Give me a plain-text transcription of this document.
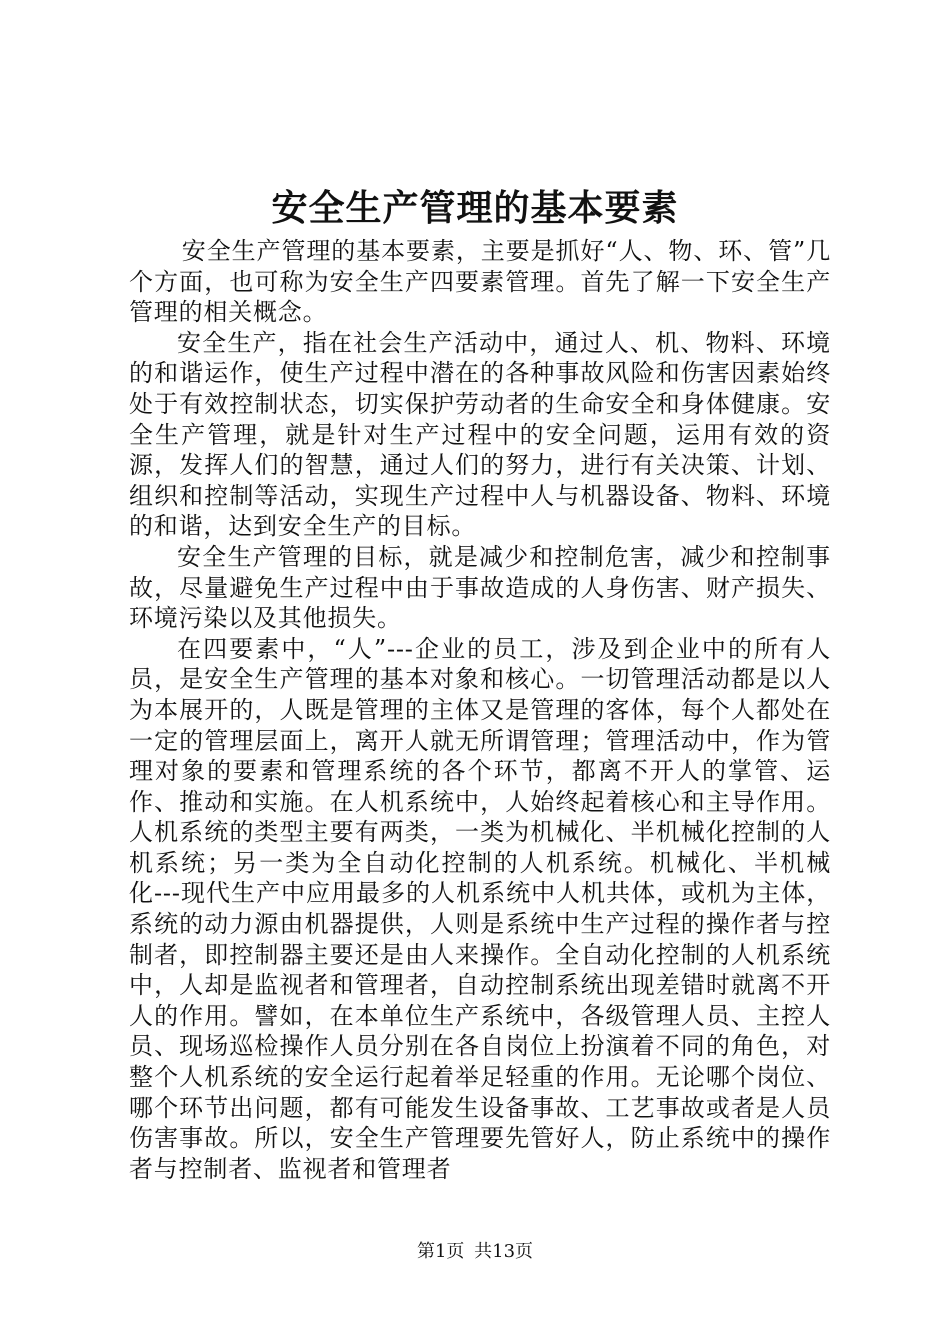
安全生产管理的基本要素

安全生产管理的基本要素，主要是抓好“人、物、环、管”几个方面，也可称为安全生产四要素管理。首先了解一下安全生产管理的相关概念。

安全生产，指在社会生产活动中，通过人、机、物料、环境的和谐运作，使生产过程中潜在的各种事故风险和伤害因素始终处于有效控制状态，切实保护劳动者的生命安全和身体健康。安全生产管理，就是针对生产过程中的安全问题，运用有效的资源，发挥人们的智慧，通过人们的努力，进行有关决策、计划、组织和控制等活动，实现生产过程中人与机器设备、物料、环境的和谐，达到安全生产的目标。

安全生产管理的目标，就是减少和控制危害，减少和控制事故，尽量避免生产过程中由于事故造成的人身伤害、财产损失、环境污染以及其他损失。

在四要素中，“人”---企业的员工，涉及到企业中的所有人员，是安全生产管理的基本对象和核心。一切管理活动都是以人为本展开的，人既是管理的主体又是管理的客体，每个人都处在一定的管理层面上，离开人就无所谓管理；管理活动中，作为管理对象的要素和管理系统的各个环节，都离不开人的掌管、运作、推动和实施。在人机系统中，人始终起着核心和主导作用。人机系统的类型主要有两类，一类为机械化、半机械化控制的人机系统；另一类为全自动化控制的人机系统。机械化、半机械化---现代生产中应用最多的人机系统中人机共体，或机为主体，系统的动力源由机器提供，人则是系统中生产过程的操作者与控制者，即控制器主要还是由人来操作。全自动化控制的人机系统中，人却是监视者和管理者，自动控制系统出现差错时就离不开人的作用。譬如，在本单位生产系统中，各级管理人员、主控人员、现场巡检操作人员分别在各自岗位上扮演着不同的角色，对整个人机系统的安全运行起着举足轻重的作用。无论哪个岗位、哪个环节出问题，都有可能发生设备事故、工艺事故或者是人员伤害事故。所以，安全生产管理要先管好人，防止系统中的操作者与控制者、监视者和管理者

第1页 共13页
